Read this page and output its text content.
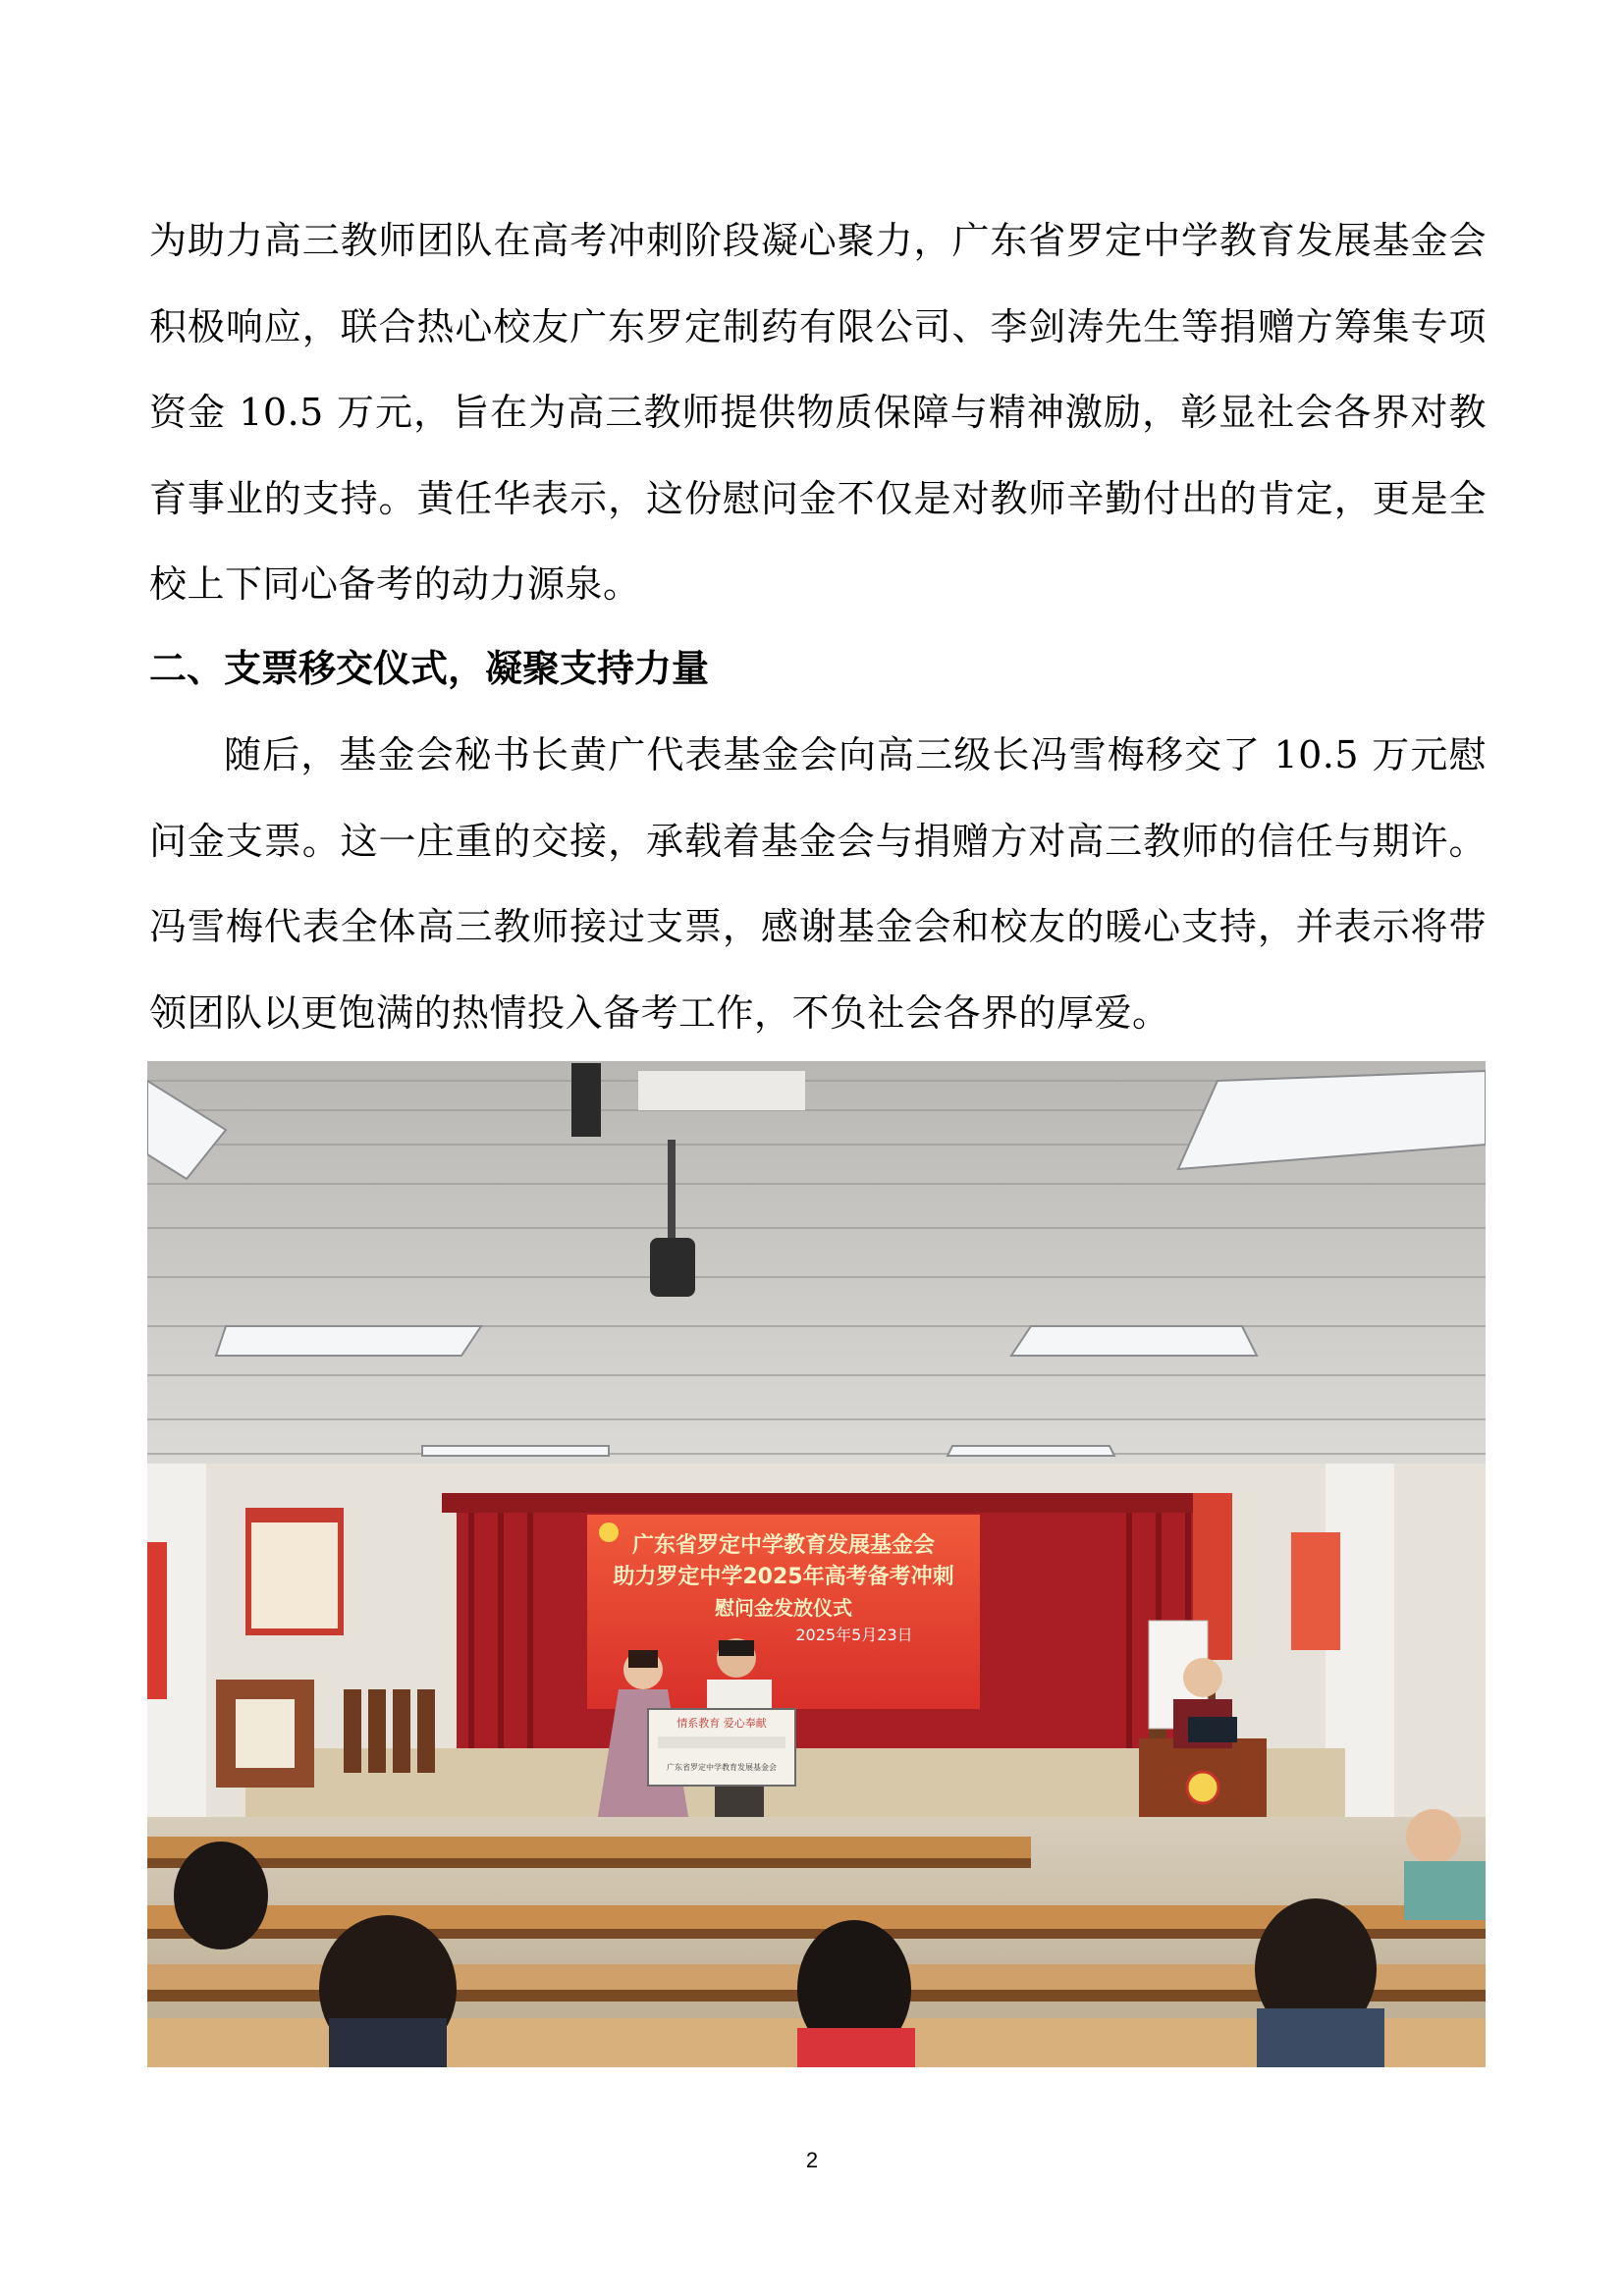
为助力高三教师团队在高考冲刺阶段凝心聚力，广东省罗定中学教育发展基金会积极响应，联合热心校友广东罗定制药有限公司、李剑涛先生等捐赠方筹集专项资金 10.5 万元，旨在为高三教师提供物质保障与精神激励，彰显社会各界对教育事业的支持。黄任华表示，这份慰问金不仅是对教师辛勤付出的肯定，更是全校上下同心备考的动力源泉。

二、支票移交仪式，凝聚支持力量

随后，基金会秘书长黄广代表基金会向高三级长冯雪梅移交了 10.5 万元慰问金支票。这一庄重的交接，承载着基金会与捐赠方对高三教师的信任与期许。冯雪梅代表全体高三教师接过支票，感谢基金会和校友的暖心支持，并表示将带领团队以更饱满的热情投入备考工作，不负社会各界的厚爱。

广东省罗定中学教育发展基金会
助力罗定中学2025年高考备考冲刺
慰问金发放仪式
2025年5月23日
情系教育 爱心奉献
广东省罗定中学教育发展基金会
2
